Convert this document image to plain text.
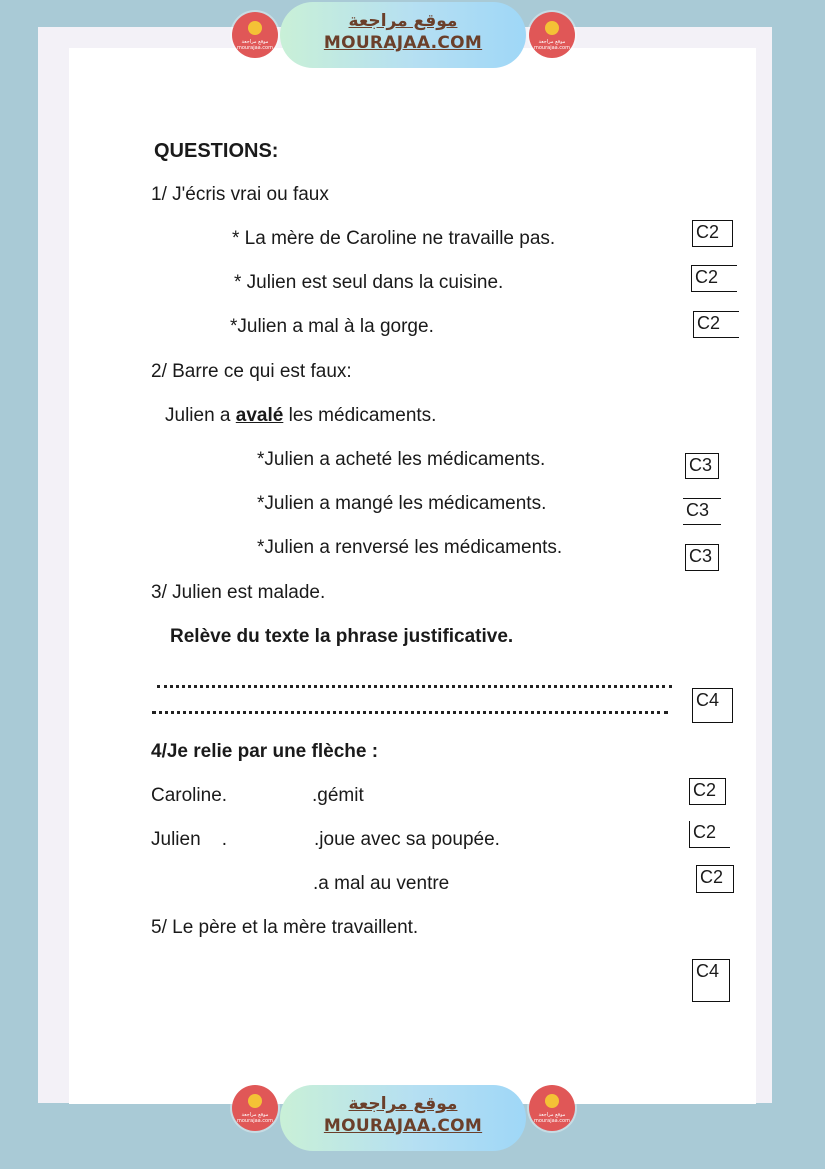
موقع مراجعة mourajaa.com
موقع مراجعة
MOURAJAA.COM	موقع مراجعة mourajaa.com
QUESTIONS:
1/ J'écris vrai ou faux
* La mère de Caroline ne travaille pas.
* Julien est seul dans la cuisine.
*Julien a mal à la gorge.
C2
C2
C2
2/ Barre ce qui est faux:
Julien a avalé les médicaments.
*Julien a acheté les médicaments.
*Julien a mangé les médicaments.
*Julien a renversé les médicaments.
C3
C3
C3
3/ Julien est malade.
Relève du texte la phrase justificative.
C4
4/Je relie par une flèche :
Caroline.
Julien    .
.gémit
.joue avec sa poupée.
.a mal au ventre
C2
C2
C2
5/ Le père et la mère travaillent.
C4
موقع مراجعة mourajaa.com
موقع مراجعة
MOURAJAA.COM
موقع مراجعة mourajaa.com
